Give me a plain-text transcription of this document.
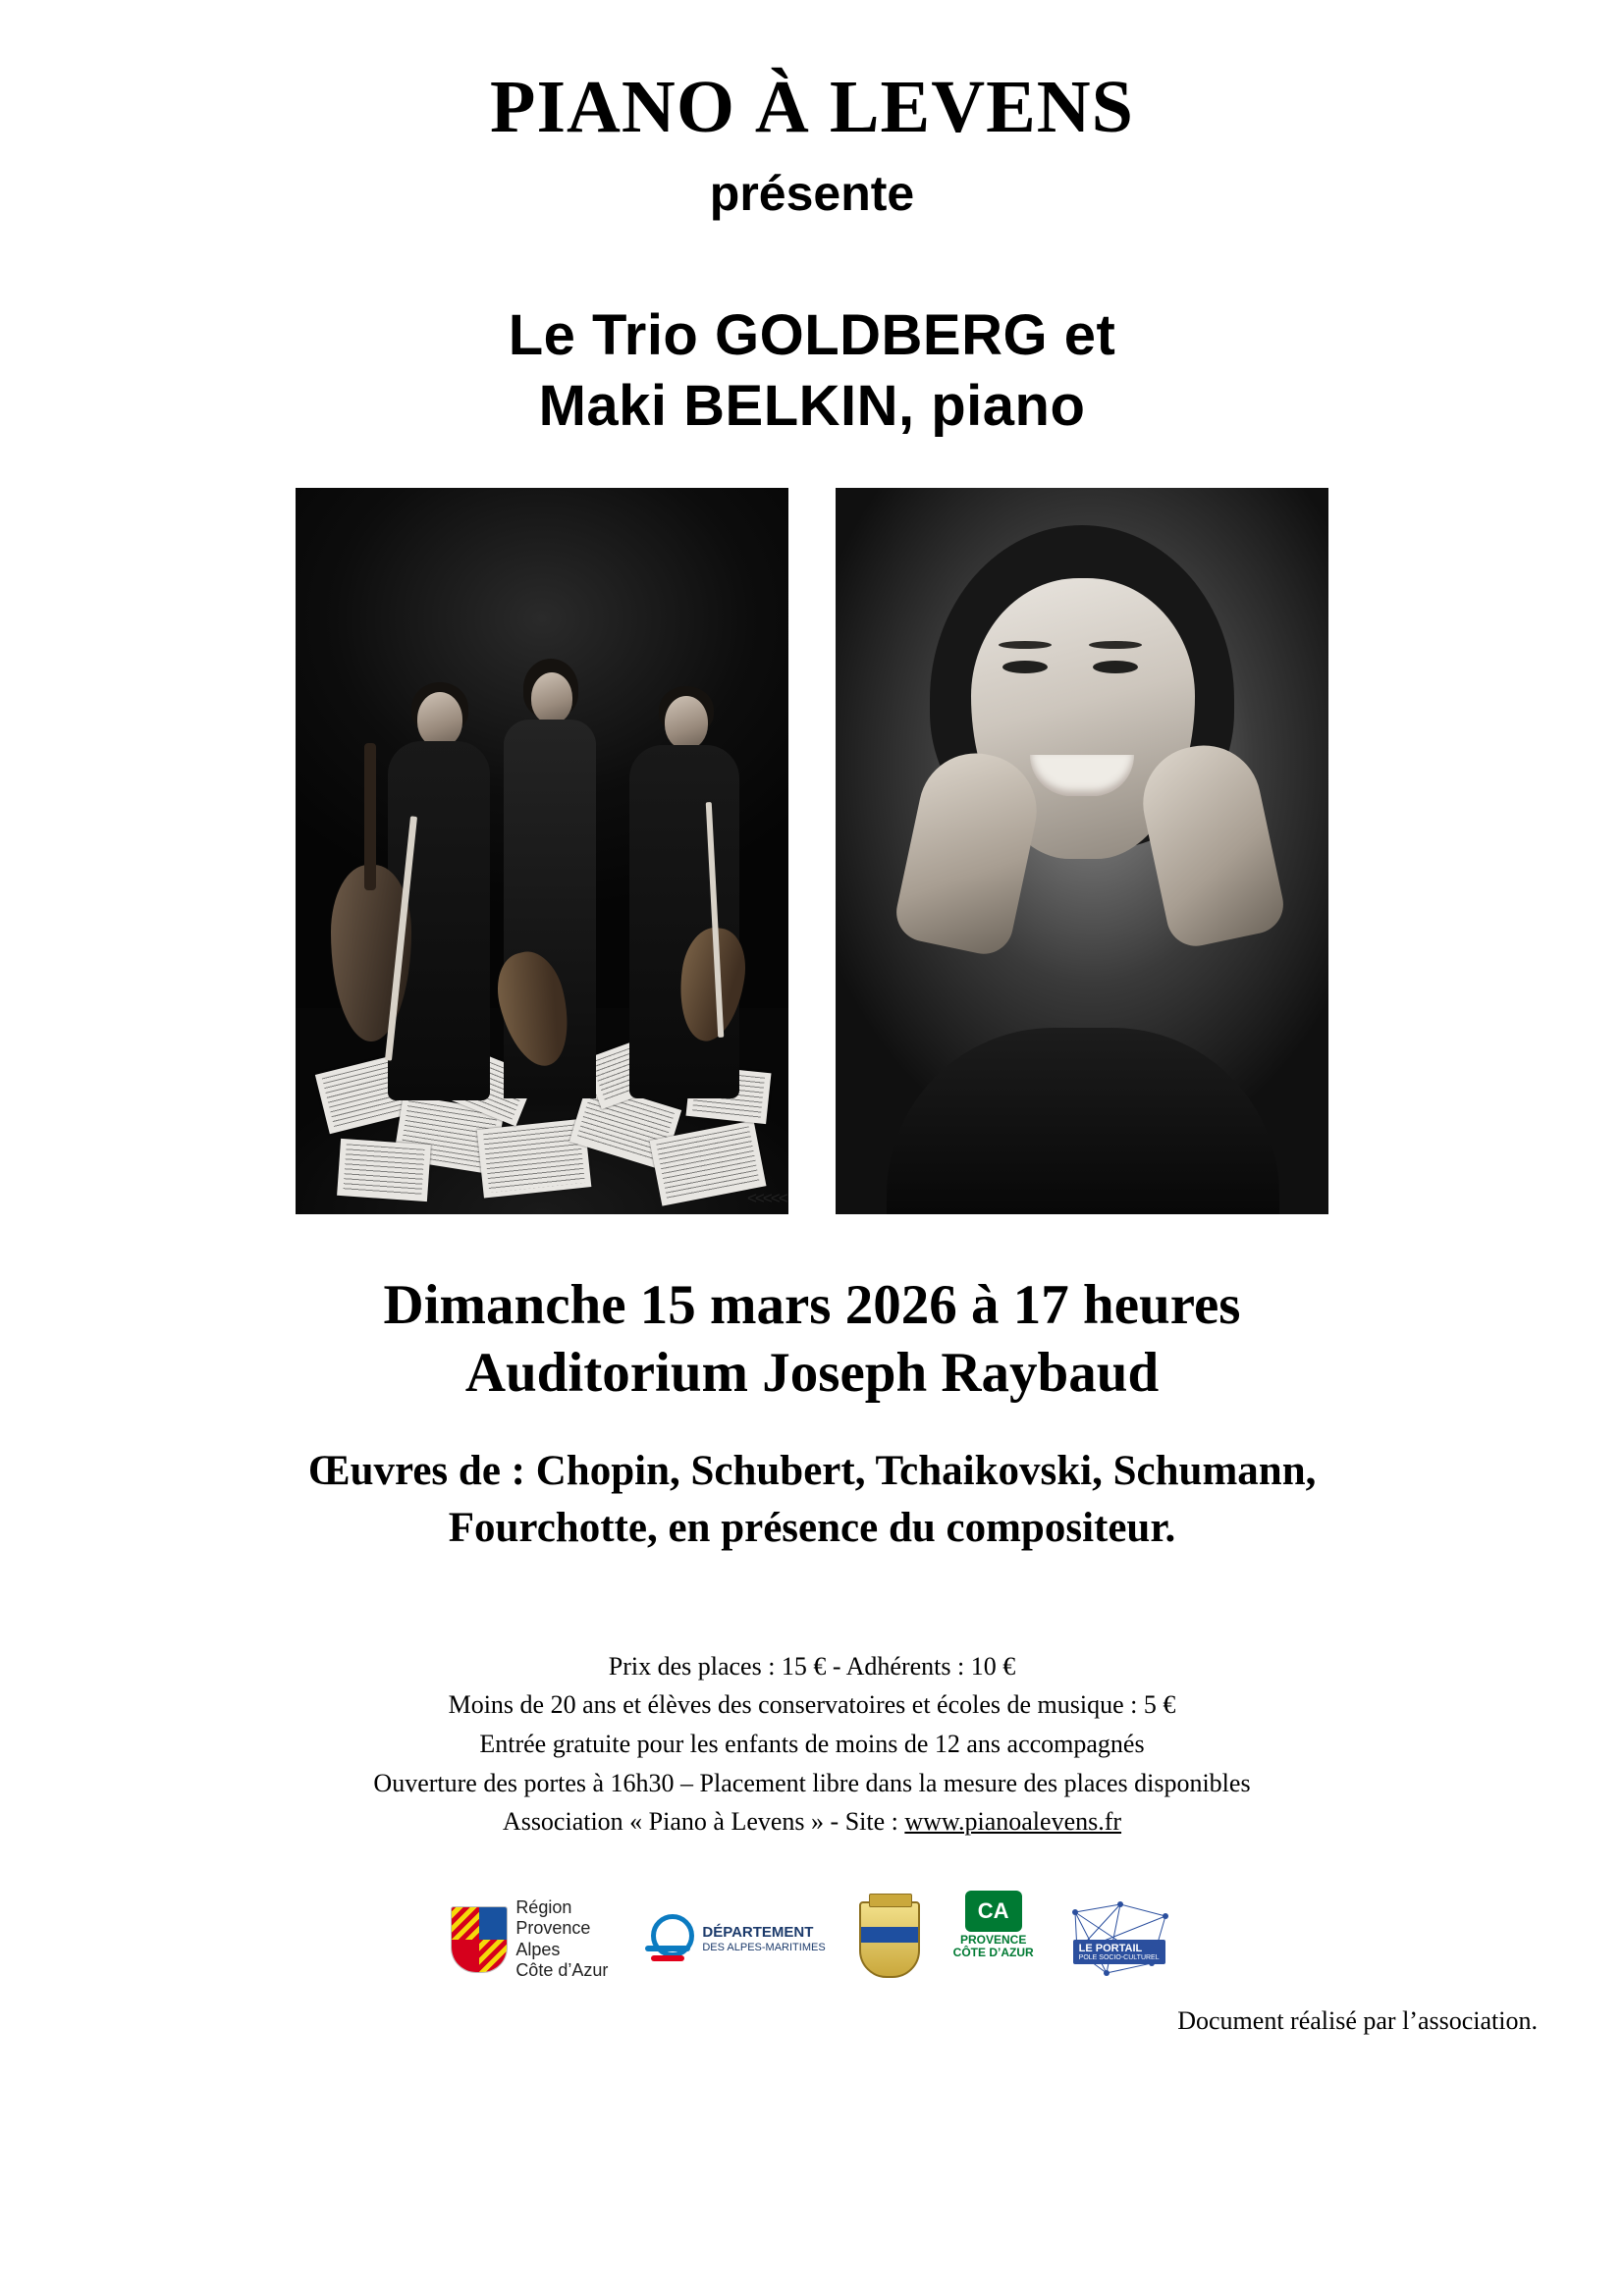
PIANO À LEVENS
présente
Le Trio GOLDBERG et
Maki BELKIN, piano
<<<<<
Dimanche 15 mars 2026 à 17 heures
Auditorium Joseph Raybaud
Œuvres de : Chopin, Schubert, Tchaikovski, Schumann,
Fourchotte, en présence du compositeur.
Prix des places : 15 € - Adhérents : 10 €
Moins de 20 ans et élèves des conservatoires et écoles de musique : 5 €
Entrée gratuite pour les enfants de moins de 12 ans accompagnés
Ouverture des portes à 16h30 – Placement libre dans la mesure des places disponibles
Association « Piano à Levens » - Site : www.pianoalevens.fr
Région
Provence
Alpes
Côte d’Azur
DÉPARTEMENT
DES ALPES-MARITIMES
CA
PROVENCE
CÔTE D’AZUR	LE PORTAIL
POLE SOCIO-CULTUREL
Document réalisé par l’association.
